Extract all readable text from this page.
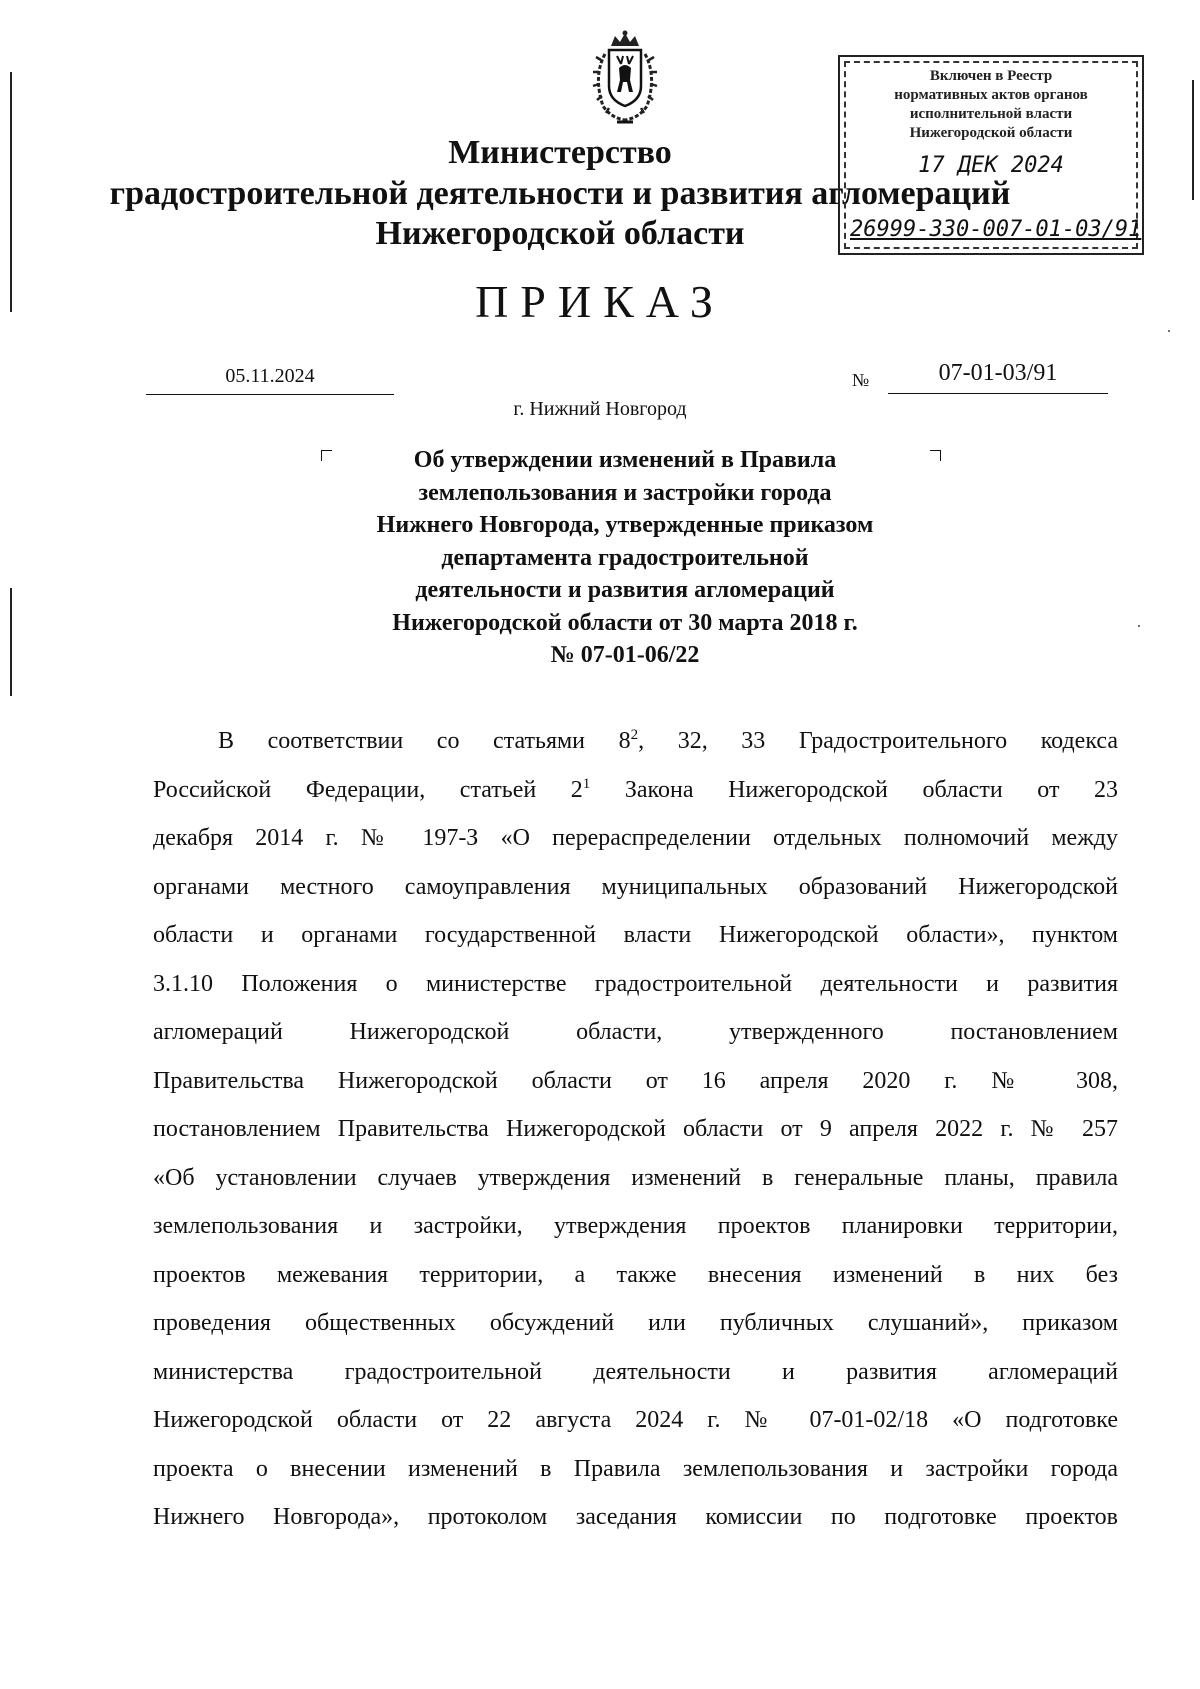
Министерство
градостроительной деятельности и развития агломераций
Нижегородской области
Включен в Реестр
нормативных актов органов
исполнительной власти
Нижегородской области
17 ДЕК 2024
26999-330-007-01-03/91
ПРИКАЗ
05.11.2024	№	07-01-03/91
г. Нижний Новгород
Об утверждении изменений в Правила
землепользования и застройки города
Нижнего Новгорода, утвержденные приказом
департамента градостроительной
деятельности и развития агломераций
Нижегородской области от 30 марта 2018 г.
№ 07-01-06/22
В соответствии со статьями $8^2$, 32, 33 Градостроительного кодекса
Российской Федерации, статьей $2^1$ Закона Нижегородской области от 23
декабря 2014 г. № 197-З «О перераспределении отдельных полномочий между
органами местного самоуправления муниципальных образований Нижегородской
области и органами государственной власти Нижегородской области», пунктом
3.1.10 Положения о министерстве градостроительной деятельности и развития
агломераций Нижегородской области, утвержденного постановлением
Правительства Нижегородской области от 16 апреля 2020 г. № 308,
постановлением Правительства Нижегородской области от 9 апреля 2022 г. № 257
«Об установлении случаев утверждения изменений в генеральные планы, правила
землепользования и застройки, утверждения проектов планировки территории,
проектов межевания территории, а также внесения изменений в них без
проведения общественных обсуждений или публичных слушаний», приказом
министерства градостроительной деятельности и развития агломераций
Нижегородской области от 22 августа 2024 г. № 07-01-02/18 «О подготовке
проекта о внесении изменений в Правила землепользования и застройки города
Нижнего Новгорода», протоколом заседания комиссии по подготовке проектов
